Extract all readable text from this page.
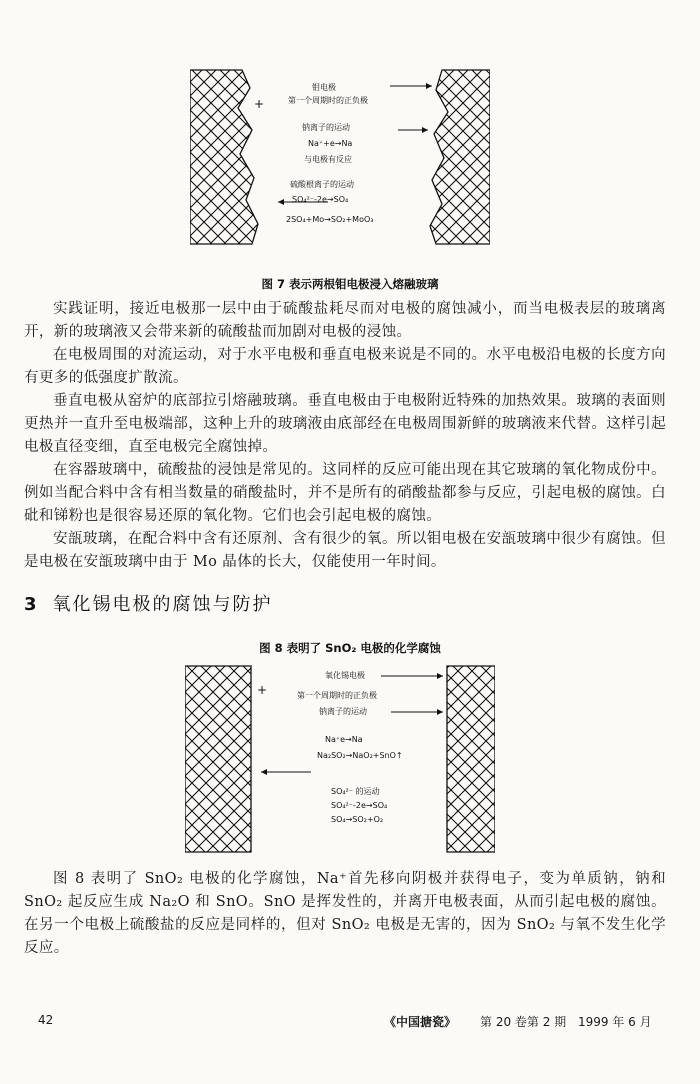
+
钼电极
第一个周期时的正负极
钠离子的运动
Na⁺+e→Na
与电极有反应
硫酸根离子的运动
SO₄²⁻-2e→SO₄
2SO₄+Mo→SO₂+MoO₃
图 7 表示两根钼电极浸入熔融玻璃

实践证明，接近电极那一层中由于硫酸盐耗尽而对电极的腐蚀减小，而当电极表层的玻璃离开，新的玻璃液又会带来新的硫酸盐而加剧对电极的浸蚀。

在电极周围的对流运动，对于水平电极和垂直电极来说是不同的。水平电极沿电极的长度方向有更多的低强度扩散流。

垂直电极从窑炉的底部拉引熔融玻璃。垂直电极由于电极附近特殊的加热效果。玻璃的表面则更热并一直升至电极端部，这种上升的玻璃液由底部经在电极周围新鲜的玻璃液来代替。这样引起电极直径变细，直至电极完全腐蚀掉。

在容器玻璃中，硫酸盐的浸蚀是常见的。这同样的反应可能出现在其它玻璃的氧化物成份中。例如当配合料中含有相当数量的硝酸盐时，并不是所有的硝酸盐都参与反应，引起电极的腐蚀。白砒和锑粉也是很容易还原的氧化物。它们也会引起电极的腐蚀。

安瓿玻璃，在配合料中含有还原剂、含有很少的氧。所以钼电极在安瓿玻璃中很少有腐蚀。但是电极在安瓿玻璃中由于 Mo 晶体的长大，仅能使用一年时间。

3 氧化锡电极的腐蚀与防护
图 8 表明了 SnO₂ 电极的化学腐蚀
+
氧化锡电极
第一个周期时的正负极
钠离子的运动
Na⁺e→Na
Na₂SO₂→NaO₂+SnO↑
SO₄²⁻ 的运动
SO₄²⁻-2e→SO₄
SO₄→SO₂+O₂

图 8 表明了 SnO₂ 电极的化学腐蚀，Na⁺首先移向阴极并获得电子，变为单质钠，钠和 SnO₂ 起反应生成 Na₂O 和 SnO。SnO 是挥发性的，并离开电极表面，从而引起电极的腐蚀。在另一个电极上硫酸盐的反应是同样的，但对 SnO₂ 电极是无害的，因为 SnO₂ 与氧不发生化学反应。

42	《中国搪瓷》 第 20 卷第 2 期 1999 年 6 月
